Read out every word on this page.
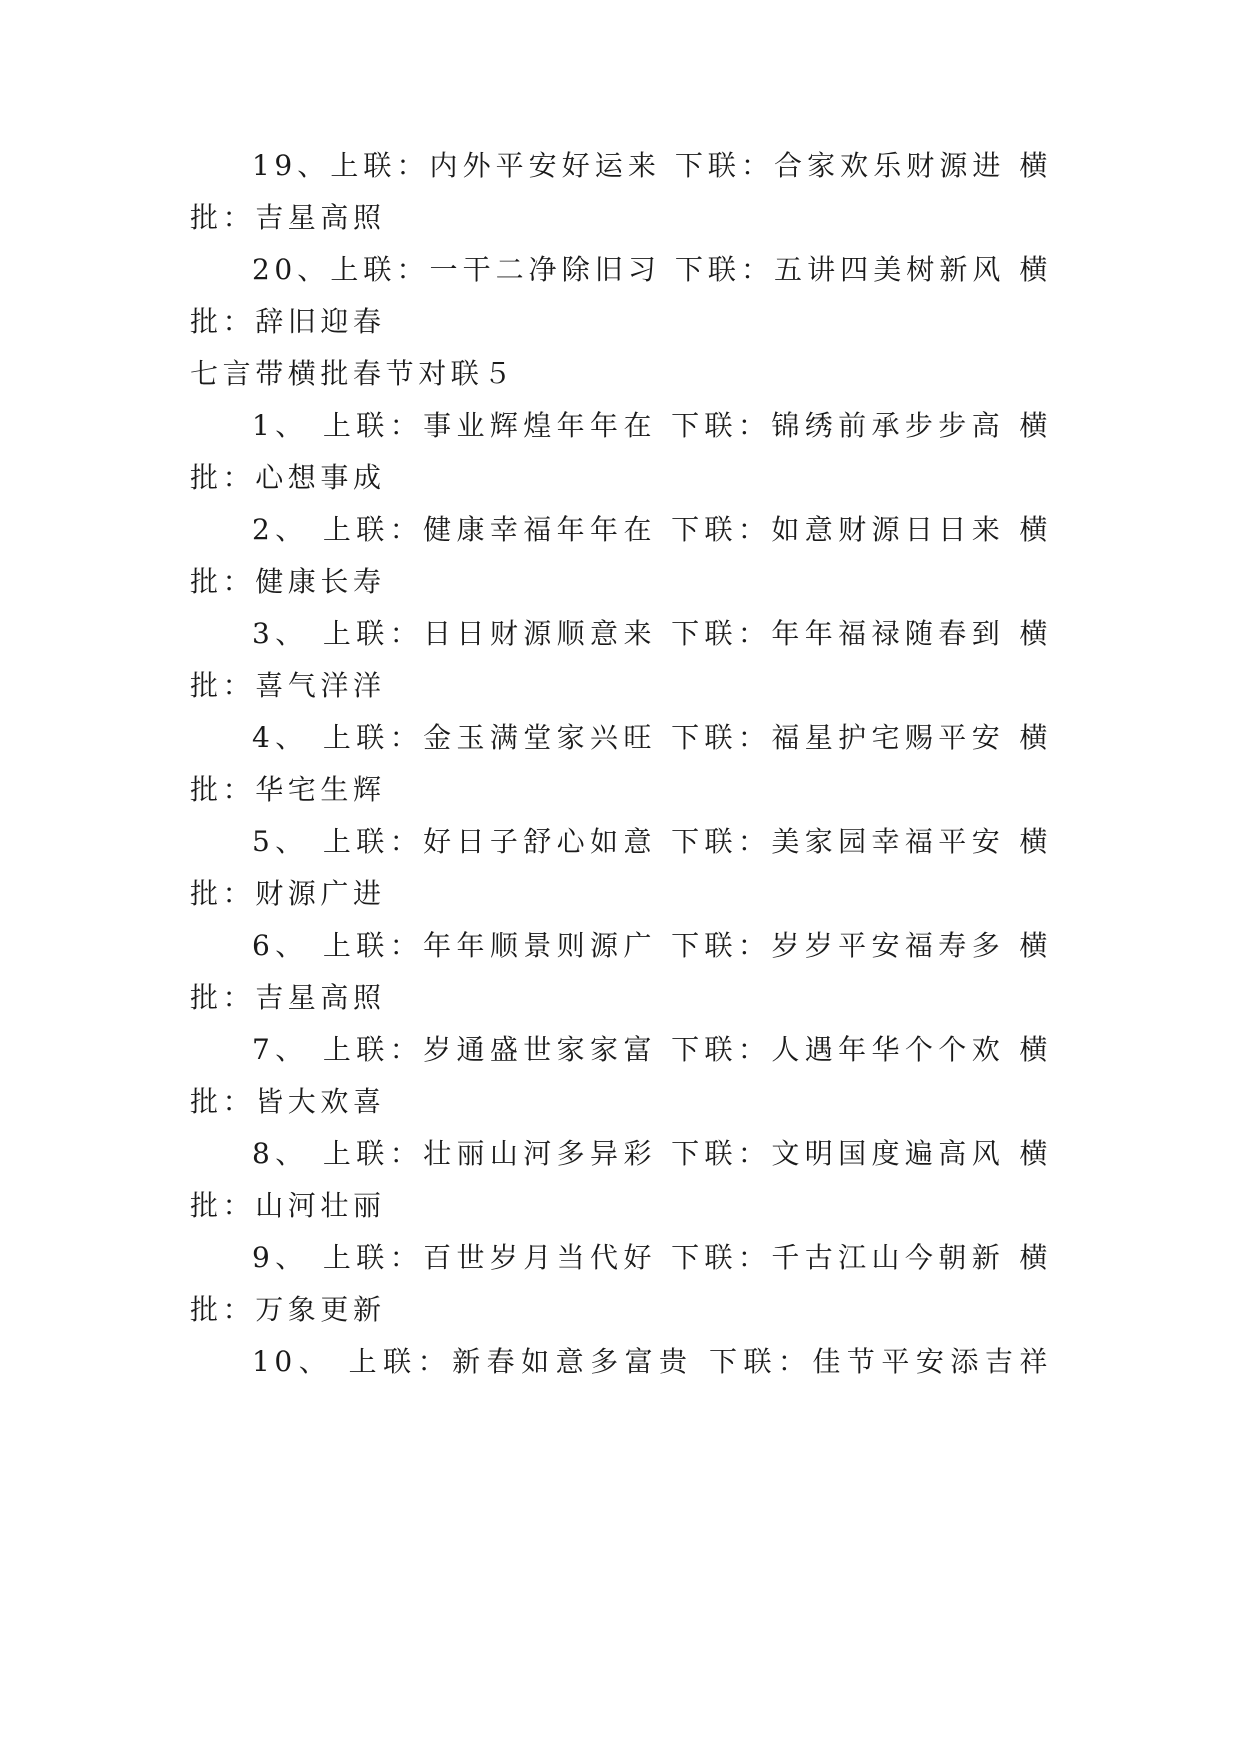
19、上联：内外平安好运来 下联：合家欢乐财源进 横
批：吉星高照
20、上联：一干二净除旧习 下联：五讲四美树新风 横
批：辞旧迎春
七言带横批春节对联５
1、 上联：事业辉煌年年在 下联：锦绣前承步步高 横
批：心想事成
2、 上联：健康幸福年年在 下联：如意财源日日来 横
批：健康长寿
3、 上联：日日财源顺意来 下联：年年福禄随春到 横
批：喜气洋洋
4、 上联：金玉满堂家兴旺 下联：福星护宅赐平安 横
批：华宅生辉
5、 上联：好日子舒心如意 下联：美家园幸福平安 横
批：财源广进
6、 上联：年年顺景则源广 下联：岁岁平安福寿多 横
批：吉星高照
7、 上联：岁通盛世家家富 下联：人遇年华个个欢 横
批：皆大欢喜
8、 上联：壮丽山河多异彩 下联：文明国度遍高风 横
批：山河壮丽
9、 上联：百世岁月当代好 下联：千古江山今朝新 横
批：万象更新
10、 上联：新春如意多富贵 下联：佳节平安添吉祥
